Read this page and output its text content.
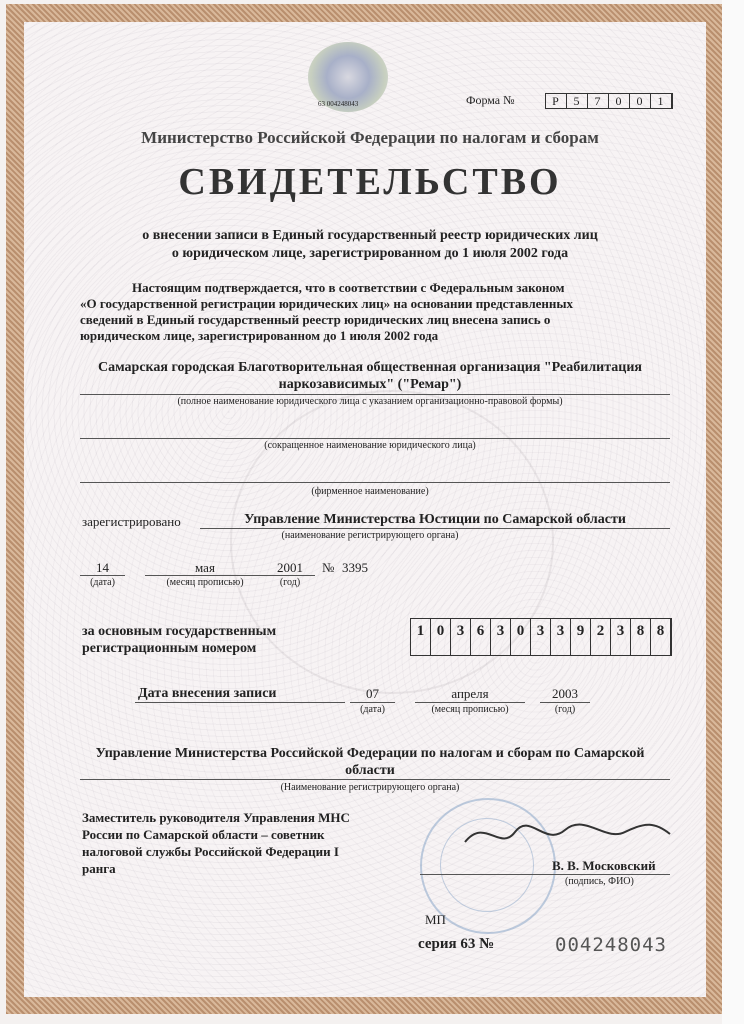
63 004248043	Форма №	Р	5	7	0	0	1
Министерство Российской Федерации по налогам и сборам
СВИДЕТЕЛЬСТВО
о внесении записи в Единый государственный реестр юридических лиц
о юридическом лице, зарегистрированном до 1 июля 2002 года
Настоящим подтверждается, что в соответствии с Федеральным законом
«О государственной регистрации юридических лиц» на основании представленных
сведений в Единый государственный реестр юридических лиц внесена запись о
юридическом лице, зарегистрированном до 1 июля 2002 года
Самарская городская Благотворительная общественная организация "Реабилитация
наркозависимых" ("Ремар")
(полное наименование юридического лица с указанием организационно-правовой формы)
(сокращенное наименование юридического лица)
(фирменное наименование)
зарегистрировано	Управление Министерства Юстиции по Самарской области
(наименование регистрирующего органа)
14
(дата)
мая
(месяц прописью)
2001
(год)
№ 3395
за основным государственным
регистрационным номером
1 0 3 6 3 0 3 3 9 2 3 8 8
Дата внесения записи	07
(дата)
апреля
(месяц прописью)
2003
(год)
Управление Министерства Российской Федерации по налогам и сборам по Самарской
области
(Наименование регистрирующего органа)
Заместитель руководителя Управления МНС
России по Самарской области – советник
налоговой службы Российской Федерации I
ранга	В. В. Московский
(подпись, ФИО)
МП
серия 63 №	004248043
